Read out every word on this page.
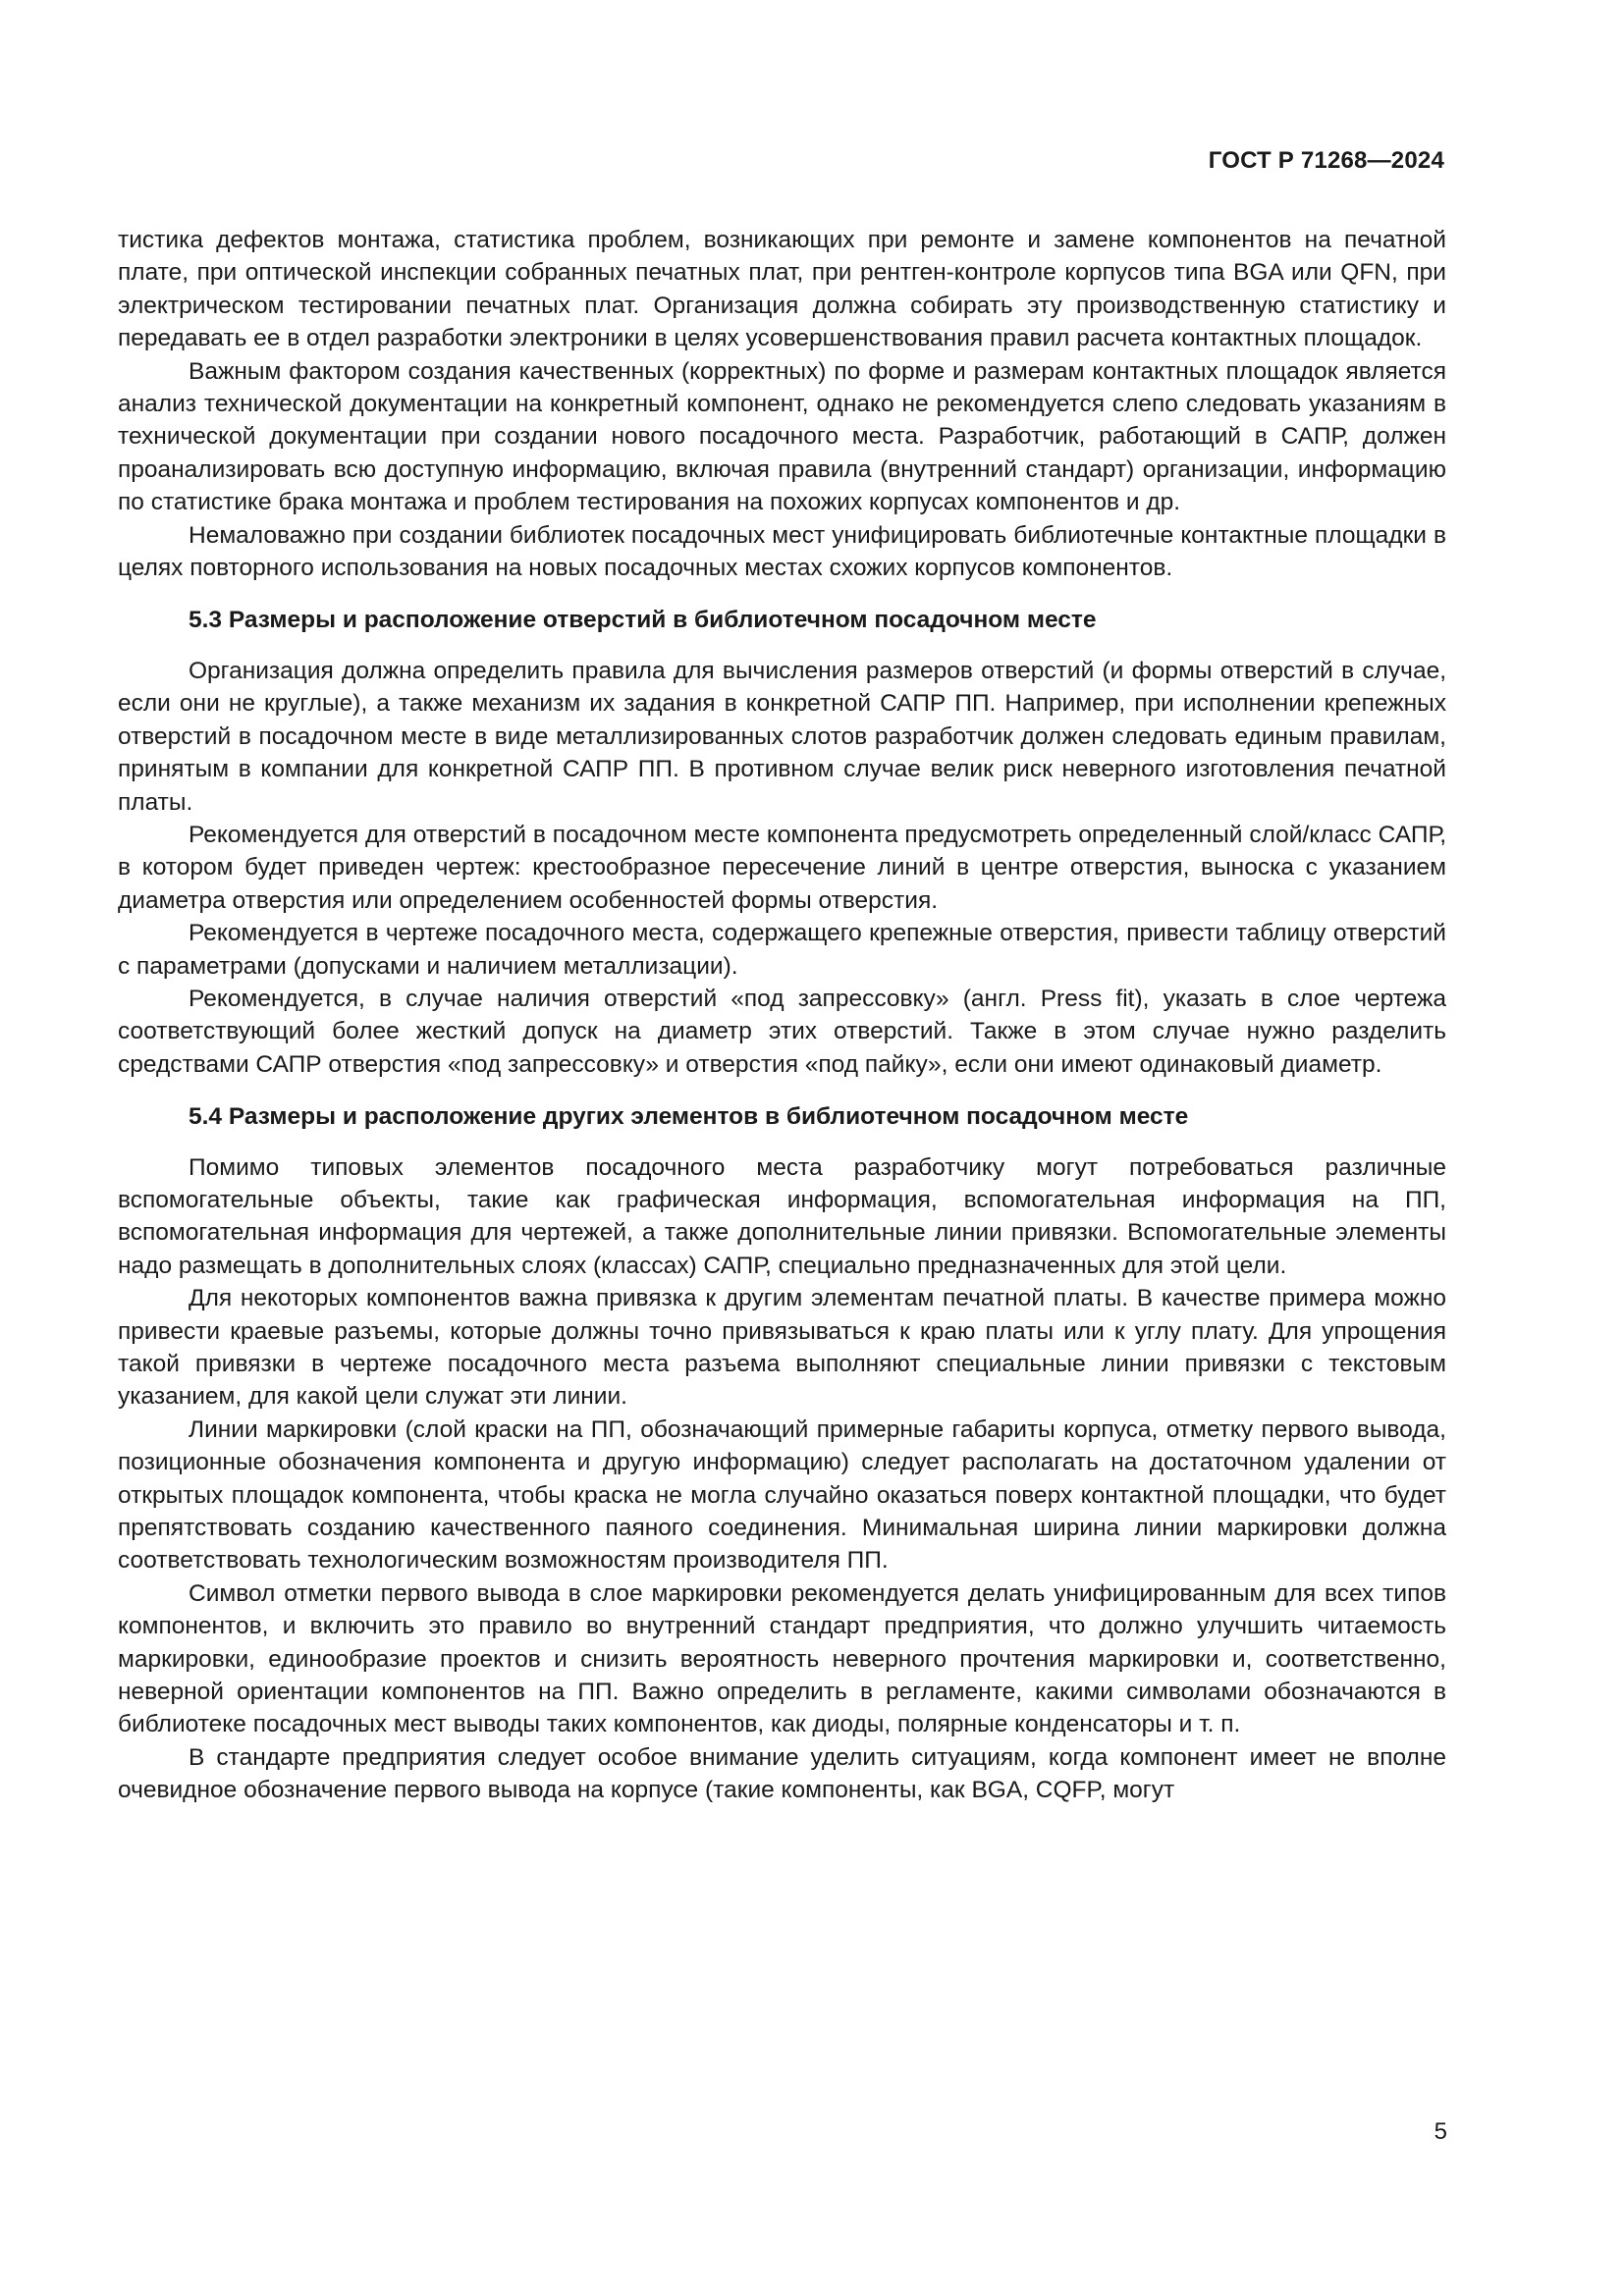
ГОСТ Р 71268—2024

тистика дефектов монтажа, статистика проблем, возникающих при ремонте и замене компонентов на печатной плате, при оптической инспекции собранных печатных плат, при рентген-контроле корпусов типа BGA или QFN, при электрическом тестировании печатных плат. Организация должна собирать эту производственную статистику и передавать ее в отдел разработки электроники в целях усовершенствования правил расчета контактных площадок.

Важным фактором создания качественных (корректных) по форме и размерам контактных площадок является анализ технической документации на конкретный компонент, однако не рекомендуется слепо следовать указаниям в технической документации при создании нового посадочного места. Разработчик, работающий в САПР, должен проанализировать всю доступную информацию, включая правила (внутренний стандарт) организации, информацию по статистике брака монтажа и проблем тестирования на похожих корпусах компонентов и др.

Немаловажно при создании библиотек посадочных мест унифицировать библиотечные контактные площадки в целях повторного использования на новых посадочных местах схожих корпусов компонентов.

5.3 Размеры и расположение отверстий в библиотечном посадочном месте

Организация должна определить правила для вычисления размеров отверстий (и формы отверстий в случае, если они не круглые), а также механизм их задания в конкретной САПР ПП. Например, при исполнении крепежных отверстий в посадочном месте в виде металлизированных слотов разработчик должен следовать единым правилам, принятым в компании для конкретной САПР ПП. В противном случае велик риск неверного изготовления печатной платы.

Рекомендуется для отверстий в посадочном месте компонента предусмотреть определенный слой/класс САПР, в котором будет приведен чертеж: крестообразное пересечение линий в центре отверстия, выноска с указанием диаметра отверстия или определением особенностей формы отверстия.

Рекомендуется в чертеже посадочного места, содержащего крепежные отверстия, привести таблицу отверстий с параметрами (допусками и наличием металлизации).

Рекомендуется, в случае наличия отверстий «под запрессовку» (англ. Press fit), указать в слое чертежа соответствующий более жесткий допуск на диаметр этих отверстий. Также в этом случае нужно разделить средствами САПР отверстия «под запрессовку» и отверстия «под пайку», если они имеют одинаковый диаметр.

5.4 Размеры и расположение других элементов в библиотечном посадочном месте

Помимо типовых элементов посадочного места разработчику могут потребоваться различные вспомогательные объекты, такие как графическая информация, вспомогательная информация на ПП, вспомогательная информация для чертежей, а также дополнительные линии привязки. Вспомогательные элементы надо размещать в дополнительных слоях (классах) САПР, специально предназначенных для этой цели.

Для некоторых компонентов важна привязка к другим элементам печатной платы. В качестве примера можно привести краевые разъемы, которые должны точно привязываться к краю платы или к углу плату. Для упрощения такой привязки в чертеже посадочного места разъема выполняют специальные линии привязки с текстовым указанием, для какой цели служат эти линии.

Линии маркировки (слой краски на ПП, обозначающий примерные габариты корпуса, отметку первого вывода, позиционные обозначения компонента и другую информацию) следует располагать на достаточном удалении от открытых площадок компонента, чтобы краска не могла случайно оказаться поверх контактной площадки, что будет препятствовать созданию качественного паяного соединения. Минимальная ширина линии маркировки должна соответствовать технологическим возможностям производителя ПП.

Символ отметки первого вывода в слое маркировки рекомендуется делать унифицированным для всех типов компонентов, и включить это правило во внутренний стандарт предприятия, что должно улучшить читаемость маркировки, единообразие проектов и снизить вероятность неверного прочтения маркировки и, соответственно, неверной ориентации компонентов на ПП. Важно определить в регламенте, какими символами обозначаются в библиотеке посадочных мест выводы таких компонентов, как диоды, полярные конденсаторы и т. п.

В стандарте предприятия следует особое внимание уделить ситуациям, когда компонент имеет не вполне очевидное обозначение первого вывода на корпусе (такие компоненты, как BGA, CQFP, могут

5
